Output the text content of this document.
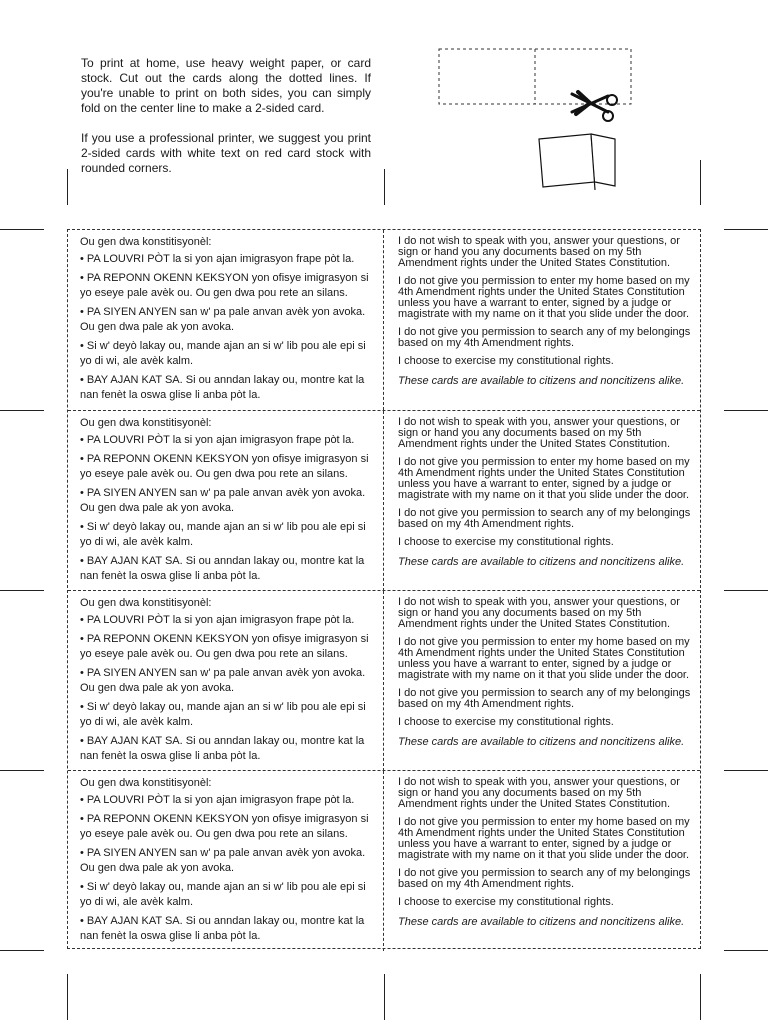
To print at home, use heavy weight paper, or card stock. Cut out the cards along the dotted lines. If you're unable to print on both sides, you can simply fold on the center line to make a 2-sided card.

If you use a professional printer, we suggest you print 2-sided cards with white text on red card stock with rounded corners.

Ou gen dwa konstitisyonèl:

• PA LOUVRI PÒT la si yon ajan imigrasyon frape pòt la.

• PA REPONN OKENN KEKSYON yon ofisye imigrasyon si yo eseye pale avèk ou. Ou gen dwa pou rete an silans.

• PA SIYEN ANYEN san w' pa pale anvan avèk yon avoka. Ou gen dwa pale ak yon avoka.

• Si w' deyò lakay ou, mande ajan an si w' lib pou ale epi si yo di wi, ale avèk kalm.

• BAY AJAN KAT SA. Si ou anndan lakay ou, montre kat la nan fenèt la oswa glise li anba pòt la.

I do not wish to speak with you, answer your questions, or sign or hand you any documents based on my 5th Amendment rights under the United States Constitution.

I do not give you permission to enter my home based on my 4th Amendment rights under the United States Constitution unless you have a warrant to enter, signed by a judge or magistrate with my name on it that you slide under the door.

I do not give you permission to search any of my belongings based on my 4th Amendment rights.

I choose to exercise my constitutional rights.

These cards are available to citizens and noncitizens alike.

Ou gen dwa konstitisyonèl:

• PA LOUVRI PÒT la si yon ajan imigrasyon frape pòt la.

• PA REPONN OKENN KEKSYON yon ofisye imigrasyon si yo eseye pale avèk ou. Ou gen dwa pou rete an silans.

• PA SIYEN ANYEN san w' pa pale anvan avèk yon avoka. Ou gen dwa pale ak yon avoka.

• Si w' deyò lakay ou, mande ajan an si w' lib pou ale epi si yo di wi, ale avèk kalm.

• BAY AJAN KAT SA. Si ou anndan lakay ou, montre kat la nan fenèt la oswa glise li anba pòt la.

I do not wish to speak with you, answer your questions, or sign or hand you any documents based on my 5th Amendment rights under the United States Constitution.

I do not give you permission to enter my home based on my 4th Amendment rights under the United States Constitution unless you have a warrant to enter, signed by a judge or magistrate with my name on it that you slide under the door.

I do not give you permission to search any of my belongings based on my 4th Amendment rights.

I choose to exercise my constitutional rights.

These cards are available to citizens and noncitizens alike.

Ou gen dwa konstitisyonèl:

• PA LOUVRI PÒT la si yon ajan imigrasyon frape pòt la.

• PA REPONN OKENN KEKSYON yon ofisye imigrasyon si yo eseye pale avèk ou. Ou gen dwa pou rete an silans.

• PA SIYEN ANYEN san w' pa pale anvan avèk yon avoka. Ou gen dwa pale ak yon avoka.

• Si w' deyò lakay ou, mande ajan an si w' lib pou ale epi si yo di wi, ale avèk kalm.

• BAY AJAN KAT SA. Si ou anndan lakay ou, montre kat la nan fenèt la oswa glise li anba pòt la.

I do not wish to speak with you, answer your questions, or sign or hand you any documents based on my 5th Amendment rights under the United States Constitution.

I do not give you permission to enter my home based on my 4th Amendment rights under the United States Constitution unless you have a warrant to enter, signed by a judge or magistrate with my name on it that you slide under the door.

I do not give you permission to search any of my belongings based on my 4th Amendment rights.

I choose to exercise my constitutional rights.

These cards are available to citizens and noncitizens alike.

Ou gen dwa konstitisyonèl:

• PA LOUVRI PÒT la si yon ajan imigrasyon frape pòt la.

• PA REPONN OKENN KEKSYON yon ofisye imigrasyon si yo eseye pale avèk ou. Ou gen dwa pou rete an silans.

• PA SIYEN ANYEN san w' pa pale anvan avèk yon avoka. Ou gen dwa pale ak yon avoka.

• Si w' deyò lakay ou, mande ajan an si w' lib pou ale epi si yo di wi, ale avèk kalm.

• BAY AJAN KAT SA. Si ou anndan lakay ou, montre kat la nan fenèt la oswa glise li anba pòt la.

I do not wish to speak with you, answer your questions, or sign or hand you any documents based on my 5th Amendment rights under the United States Constitution.

I do not give you permission to enter my home based on my 4th Amendment rights under the United States Constitution unless you have a warrant to enter, signed by a judge or magistrate with my name on it that you slide under the door.

I do not give you permission to search any of my belongings based on my 4th Amendment rights.

I choose to exercise my constitutional rights.

These cards are available to citizens and noncitizens alike.
